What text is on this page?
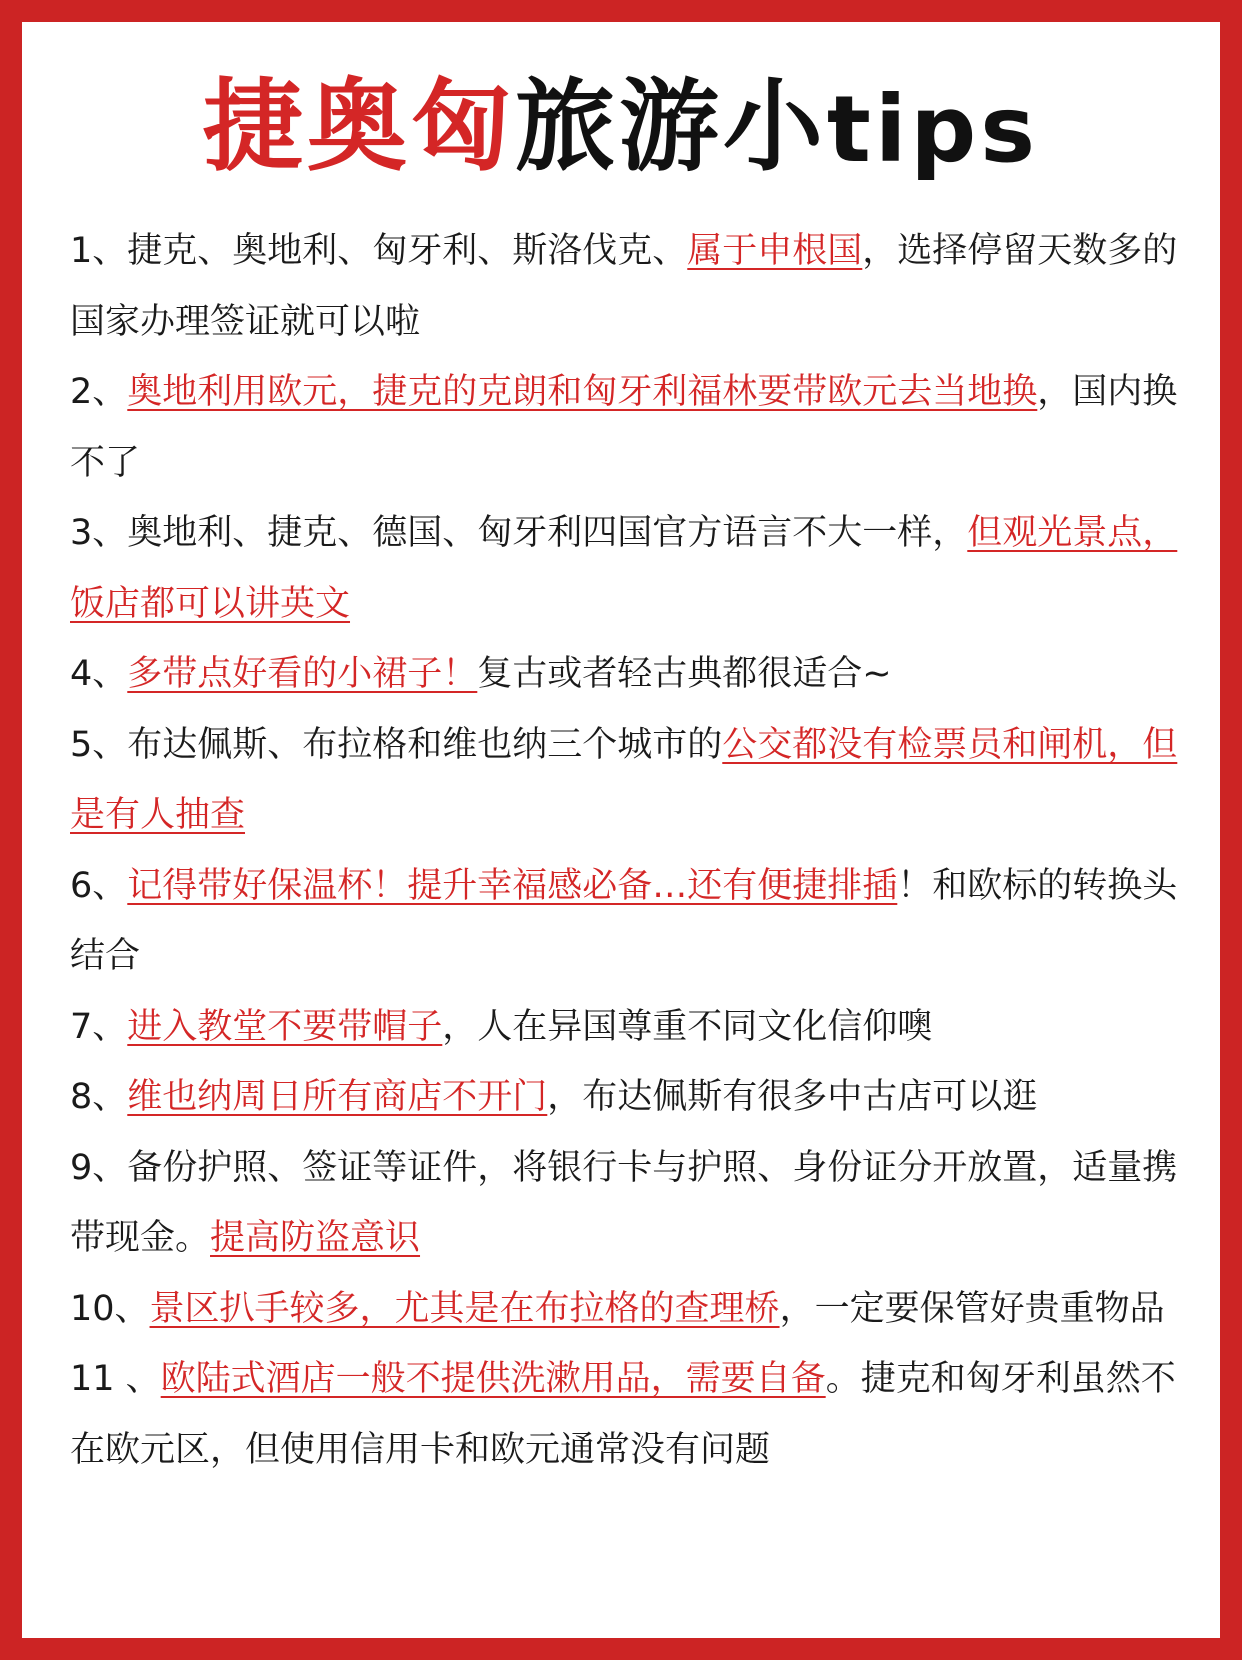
捷奥匈旅游小tips

1、捷克、奥地利、匈牙利、斯洛伐克、属于申根国，选择停留天数多的国家办理签证就可以啦

2、奥地利用欧元，捷克的克朗和匈牙利福林要带欧元去当地换，国内换不了

3、奥地利、捷克、德国、匈牙利四国官方语言不大一样，但观光景点，饭店都可以讲英文

4、多带点好看的小裙子！复古或者轻古典都很适合~

5、布达佩斯、布拉格和维也纳三个城市的公交都没有检票员和闸机，但是有人抽查

6、记得带好保温杯！提升幸福感必备…还有便捷排插！和欧标的转换头结合

7、进入教堂不要带帽子，人在异国尊重不同文化信仰噢

8、维也纳周日所有商店不开门，布达佩斯有很多中古店可以逛

9、备份护照、签证等证件，将银行卡与护照、身份证分开放置，适量携带现金。提高防盗意识

10、景区扒手较多，尤其是在布拉格的查理桥，一定要保管好贵重物品

11 、欧陆式酒店一般不提供洗漱用品，需要自备。捷克和匈牙利虽然不在欧元区，但使用信用卡和欧元通常没有问题
